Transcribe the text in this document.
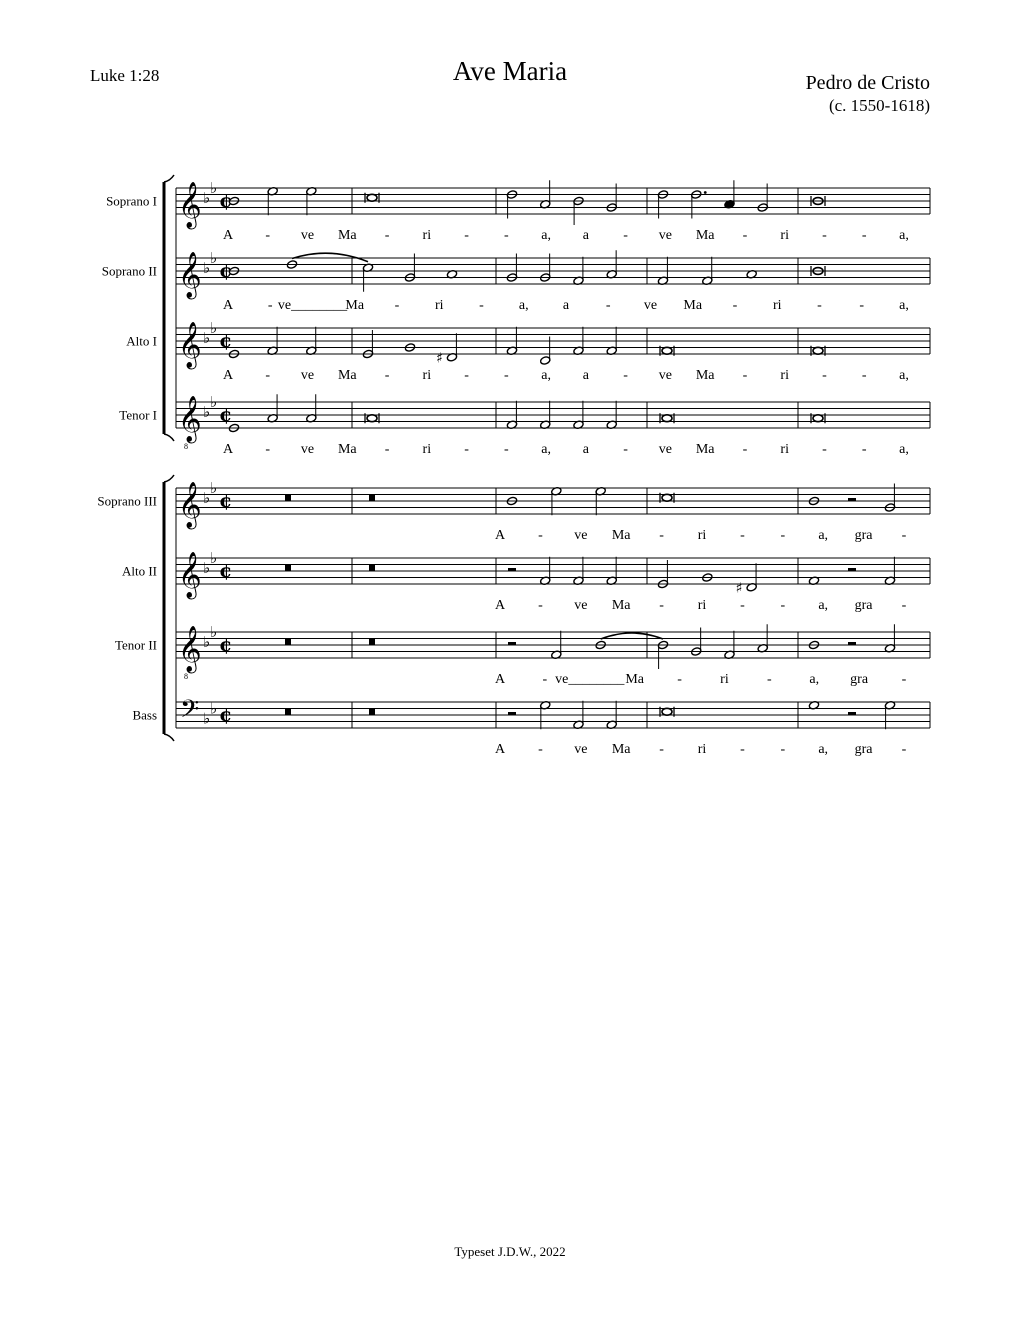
Luke 1:28	Ave Maria	Pedro de Cristo
(c. 1550-1618)
Soprano I 𝄞 ♭
♭
¢
A - ve Ma - ri -	- a, a - ve Ma - ri -	- a,
Soprano II 𝄞 ♭
♭
¢
A - ve________
Ma -	ri	-	a, a	- ve Ma -	ri	-	-	a,
Alto I 𝄞 ♭
♭
¢
♯
A - ve Ma - ri -	- a, a - ve Ma - ri -	- a,
Tenor I 𝄞
8
♭
♭
¢
A - ve Ma - ri -	- a, a - ve Ma - ri -	- a,
Soprano III 𝄞 ♭
♭
¢
A - ve Ma - ri -	- a, gra -
Alto II 𝄞 ♭
♭
¢
♯
A - ve Ma - ri -	- a, gra -
Tenor II 𝄞
8
♭
♭
¢
A	- ve________ Ma -	ri	-	a, gra -
Bass 𝄢 ♭
♭ ¢
A - ve Ma - ri -	- a, gra -
Typeset J.D.W., 2022
